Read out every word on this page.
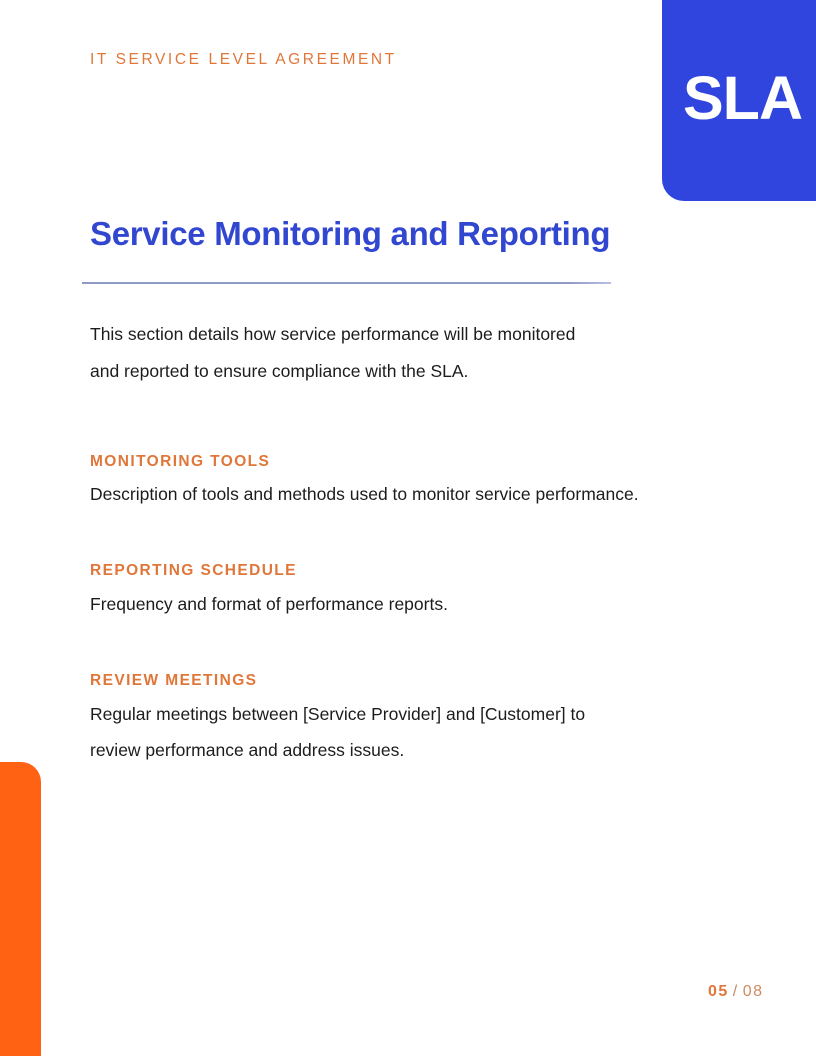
IT SERVICE LEVEL AGREEMENT
SLA
Service Monitoring and Reporting

This section details how service performance will be monitored

and reported to ensure compliance with the SLA.

MONITORING TOOLS

Description of tools and methods used to monitor service performance.

REPORTING SCHEDULE

Frequency and format of performance reports.

REVIEW MEETINGS

Regular meetings between [Service Provider] and [Customer] to

review performance and address issues.

05 / 08
